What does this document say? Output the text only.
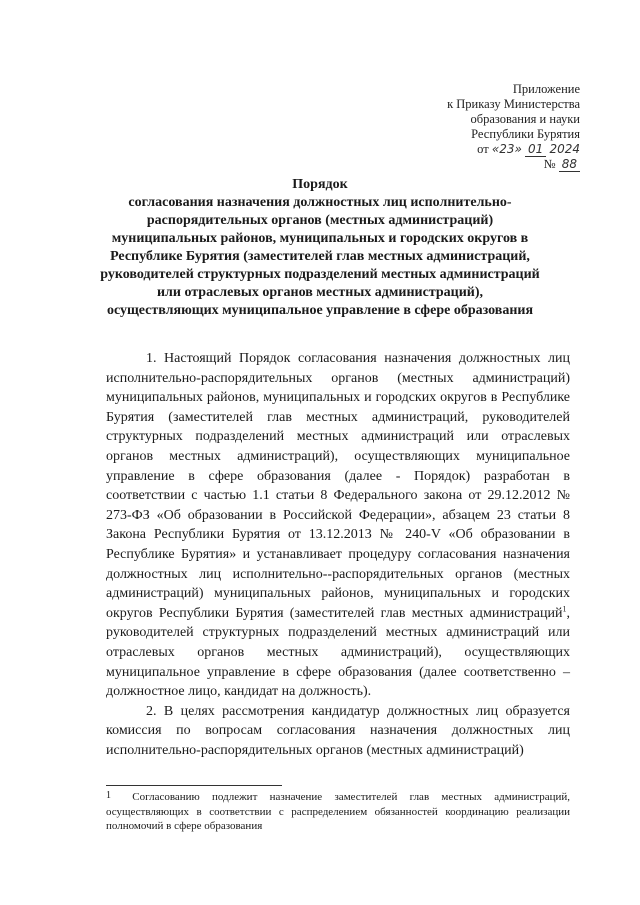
Приложение
к Приказу Министерства
образования и науки
Республики Бурятия
от «23» 01 2024
№ 88
Порядок
согласования назначения должностных лиц исполнительно-распорядительных органов (местных администраций) муниципальных районов, муниципальных и городских округов в Республике Бурятия (заместителей глав местных администраций, руководителей структурных подразделений местных администраций или отраслевых органов местных администраций), осуществляющих муниципальное управление в сфере образования

1. Настоящий Порядок согласования назначения должностных лиц исполнительно-распорядительных органов (местных администраций) муниципальных районов, муниципальных и городских округов в Республике Бурятия (заместителей глав местных администраций, руководителей структурных подразделений местных администраций или отраслевых органов местных администраций), осуществляющих муниципальное управление в сфере образования (далее - Порядок) разработан в соответствии с частью 1.1 статьи 8 Федерального закона от 29.12.2012 № 273-ФЗ «Об образовании в Российской Федерации», абзацем 23 статьи 8 Закона Республики Бурятия от 13.12.2013 № 240-V «Об образовании в Республике Бурятия» и устанавливает процедуру согласования назначения должностных лиц исполнительно--распорядительных органов (местных администраций) муниципальных районов, муниципальных и городских округов Республики Бурятия (заместителей глав местных администраций$^1$, руководителей структурных подразделений местных администраций или отраслевых органов местных администраций), осуществляющих муниципальное управление в сфере образования (далее соответственно – должностное лицо, кандидат на должность).

2. В целях рассмотрения кандидатур должностных лиц образуется комиссия по вопросам согласования назначения должностных лиц исполнительно-распорядительных органов (местных администраций)

1 Согласованию подлежит назначение заместителей глав местных администраций, осуществляющих в соответствии с распределением обязанностей координацию реализации полномочий в сфере образования
